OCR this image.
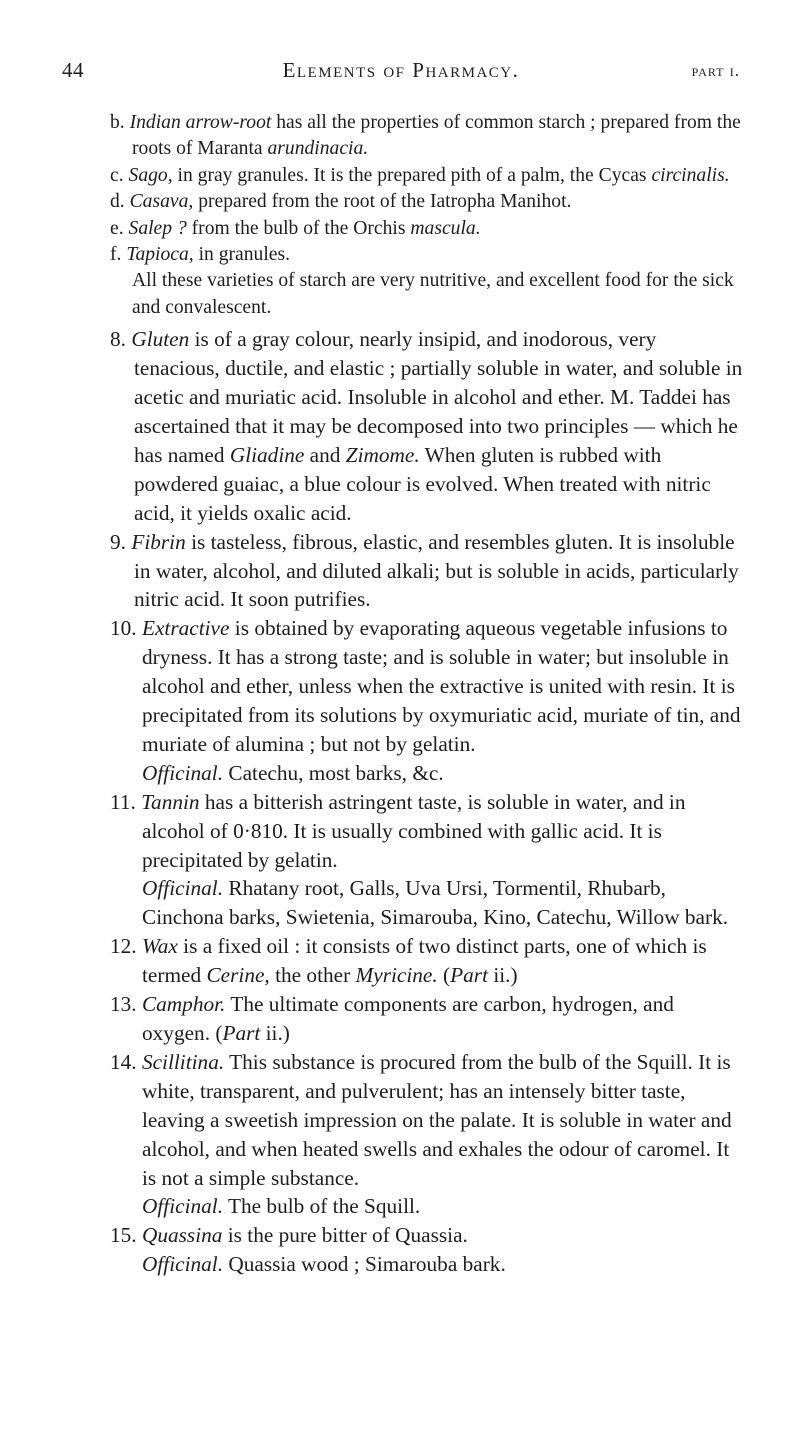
44	Elements of Pharmacy.	part i.

b. Indian arrow-root has all the properties of common starch ; prepared from the roots of Maranta arundinacia.

c. Sago, in gray granules. It is the prepared pith of a palm, the Cycas circinalis.

d. Casava, prepared from the root of the Iatropha Manihot.

e. Salep ? from the bulb of the Orchis mascula.

f. Tapioca, in granules.

All these varieties of starch are very nutritive, and excellent food for the sick and convalescent.

8. Gluten is of a gray colour, nearly insipid, and inodorous, very tenacious, ductile, and elastic ; partially soluble in water, and soluble in acetic and muriatic acid. Insoluble in alcohol and ether. M. Taddei has ascertained that it may be decomposed into two principles — which he has named Gliadine and Zimome. When gluten is rubbed with powdered guaiac, a blue colour is evolved. When treated with nitric acid, it yields oxalic acid.

9. Fibrin is tasteless, fibrous, elastic, and resembles gluten. It is insoluble in water, alcohol, and diluted alkali; but is soluble in acids, particularly nitric acid. It soon putrifies.

10. Extractive is obtained by evaporating aqueous vegetable infusions to dryness. It has a strong taste; and is soluble in water; but insoluble in alcohol and ether, unless when the extractive is united with resin. It is precipitated from its solutions by oxymuriatic acid, muriate of tin, and muriate of alumina ; but not by gelatin.

Officinal. Catechu, most barks, &c.

11. Tannin has a bitterish astringent taste, is soluble in water, and in alcohol of 0·810. It is usually combined with gallic acid. It is precipitated by gelatin.

Officinal. Rhatany root, Galls, Uva Ursi, Tormentil, Rhubarb, Cinchona barks, Swietenia, Simarouba, Kino, Catechu, Willow bark.

12. Wax is a fixed oil : it consists of two distinct parts, one of which is termed Cerine, the other Myricine. (Part ii.)

13. Camphor. The ultimate components are carbon, hydrogen, and oxygen. (Part ii.)

14. Scillitina. This substance is procured from the bulb of the Squill. It is white, transparent, and pulverulent; has an intensely bitter taste, leaving a sweetish impression on the palate. It is soluble in water and alcohol, and when heated swells and exhales the odour of caromel. It is not a simple substance.

Officinal. The bulb of the Squill.

15. Quassina is the pure bitter of Quassia.

Officinal. Quassia wood ; Simarouba bark.
